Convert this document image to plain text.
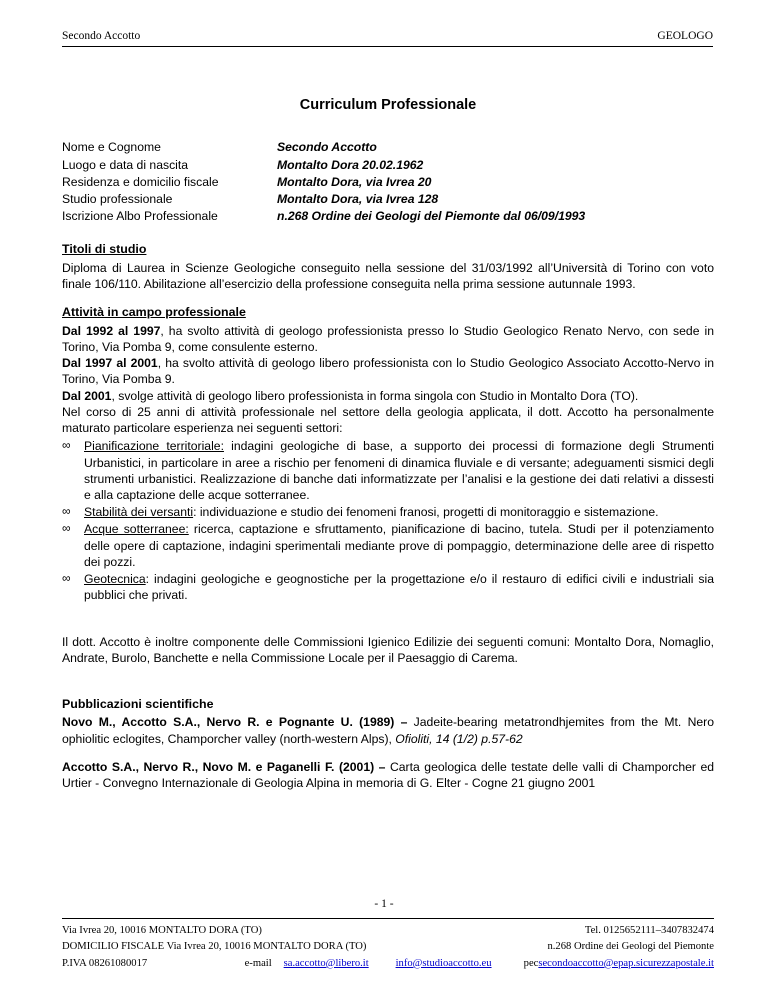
Secondo Accotto	GEOLOGO
Curriculum Professionale
Nome e Cognome	Secondo Accotto
Luogo e data di nascita	Montalto Dora 20.02.1962
Residenza e domicilio fiscale	Montalto Dora, via Ivrea 20
Studio professionale	Montalto Dora, via Ivrea 128
Iscrizione Albo Professionale	n.268 Ordine dei Geologi del Piemonte dal 06/09/1993
Titoli di studio

Diploma di Laurea in Scienze Geologiche conseguito nella sessione del 31/03/1992 all’Università di Torino con voto finale 106/110. Abilitazione all’esercizio della professione conseguita nella prima sessione autunnale 1993.

Attività in campo professionale

Dal 1992 al 1997, ha svolto attività di geologo professionista presso lo Studio Geologico Renato Nervo, con sede in Torino, Via Pomba 9, come consulente esterno.

Dal 1997 al 2001, ha svolto attività di geologo libero professionista con lo Studio Geologico Associato Accotto-Nervo in Torino, Via Pomba 9.

Dal 2001, svolge attività di geologo libero professionista in forma singola con Studio in Montalto Dora (TO).

Nel corso di 25 anni di attività professionale nel settore della geologia applicata, il dott. Accotto ha personalmente maturato particolare esperienza nei seguenti settori:

∞ Pianificazione territoriale: indagini geologiche di base, a supporto dei processi di formazione degli Strumenti Urbanistici, in particolare in aree a rischio per fenomeni di dinamica fluviale e di versante; adeguamenti sismici degli strumenti urbanistici. Realizzazione di banche dati informatizzate per l’analisi e la gestione dei dati relativi a dissesti e alla captazione delle acque sotterranee.
∞ Stabilità dei versanti: individuazione e studio dei fenomeni franosi, progetti di monitoraggio e sistemazione.
∞ Acque sotterranee: ricerca, captazione e sfruttamento, pianificazione di bacino, tutela. Studi per il potenziamento delle opere di captazione, indagini sperimentali mediante prove di pompaggio, determinazione delle aree di rispetto dei pozzi.
∞ Geotecnica: indagini geologiche e geognostiche per la progettazione e/o il restauro di edifici civili e industriali sia pubblici che privati.

Il dott. Accotto è inoltre componente delle Commissioni Igienico Edilizie dei seguenti comuni: Montalto Dora, Nomaglio, Andrate, Burolo, Banchette e nella Commissione Locale per il Paesaggio di Carema.

Pubblicazioni scientifiche

Novo M., Accotto S.A., Nervo R. e Pognante U. (1989) – Jadeite-bearing metatrondhjemites from the Mt. Nero ophiolitic eclogites, Champorcher valley (north-western Alps), Ofioliti, 14 (1/2) p.57-62

Accotto S.A., Nervo R., Novo M. e Paganelli F. (2001) – Carta geologica delle testate delle valli di Champorcher ed Urtier - Convegno Internazionale di Geologia Alpina in memoria di G. Elter - Cogne 21 giugno 2001

- 1 -
Via Ivrea 20, 10016 MONTALTO DORA (TO)	Tel. 0125652111–3407832474
DOMICILIO FISCALE Via Ivrea 20, 10016 MONTALTO DORA (TO)	n.268 Ordine dei Geologi del Piemonte
P.IVA 08261080017	e-mail	sa.accotto@libero.it	info@studioaccotto.eu	pec secondoaccotto@epap.sicurezzapostale.it
